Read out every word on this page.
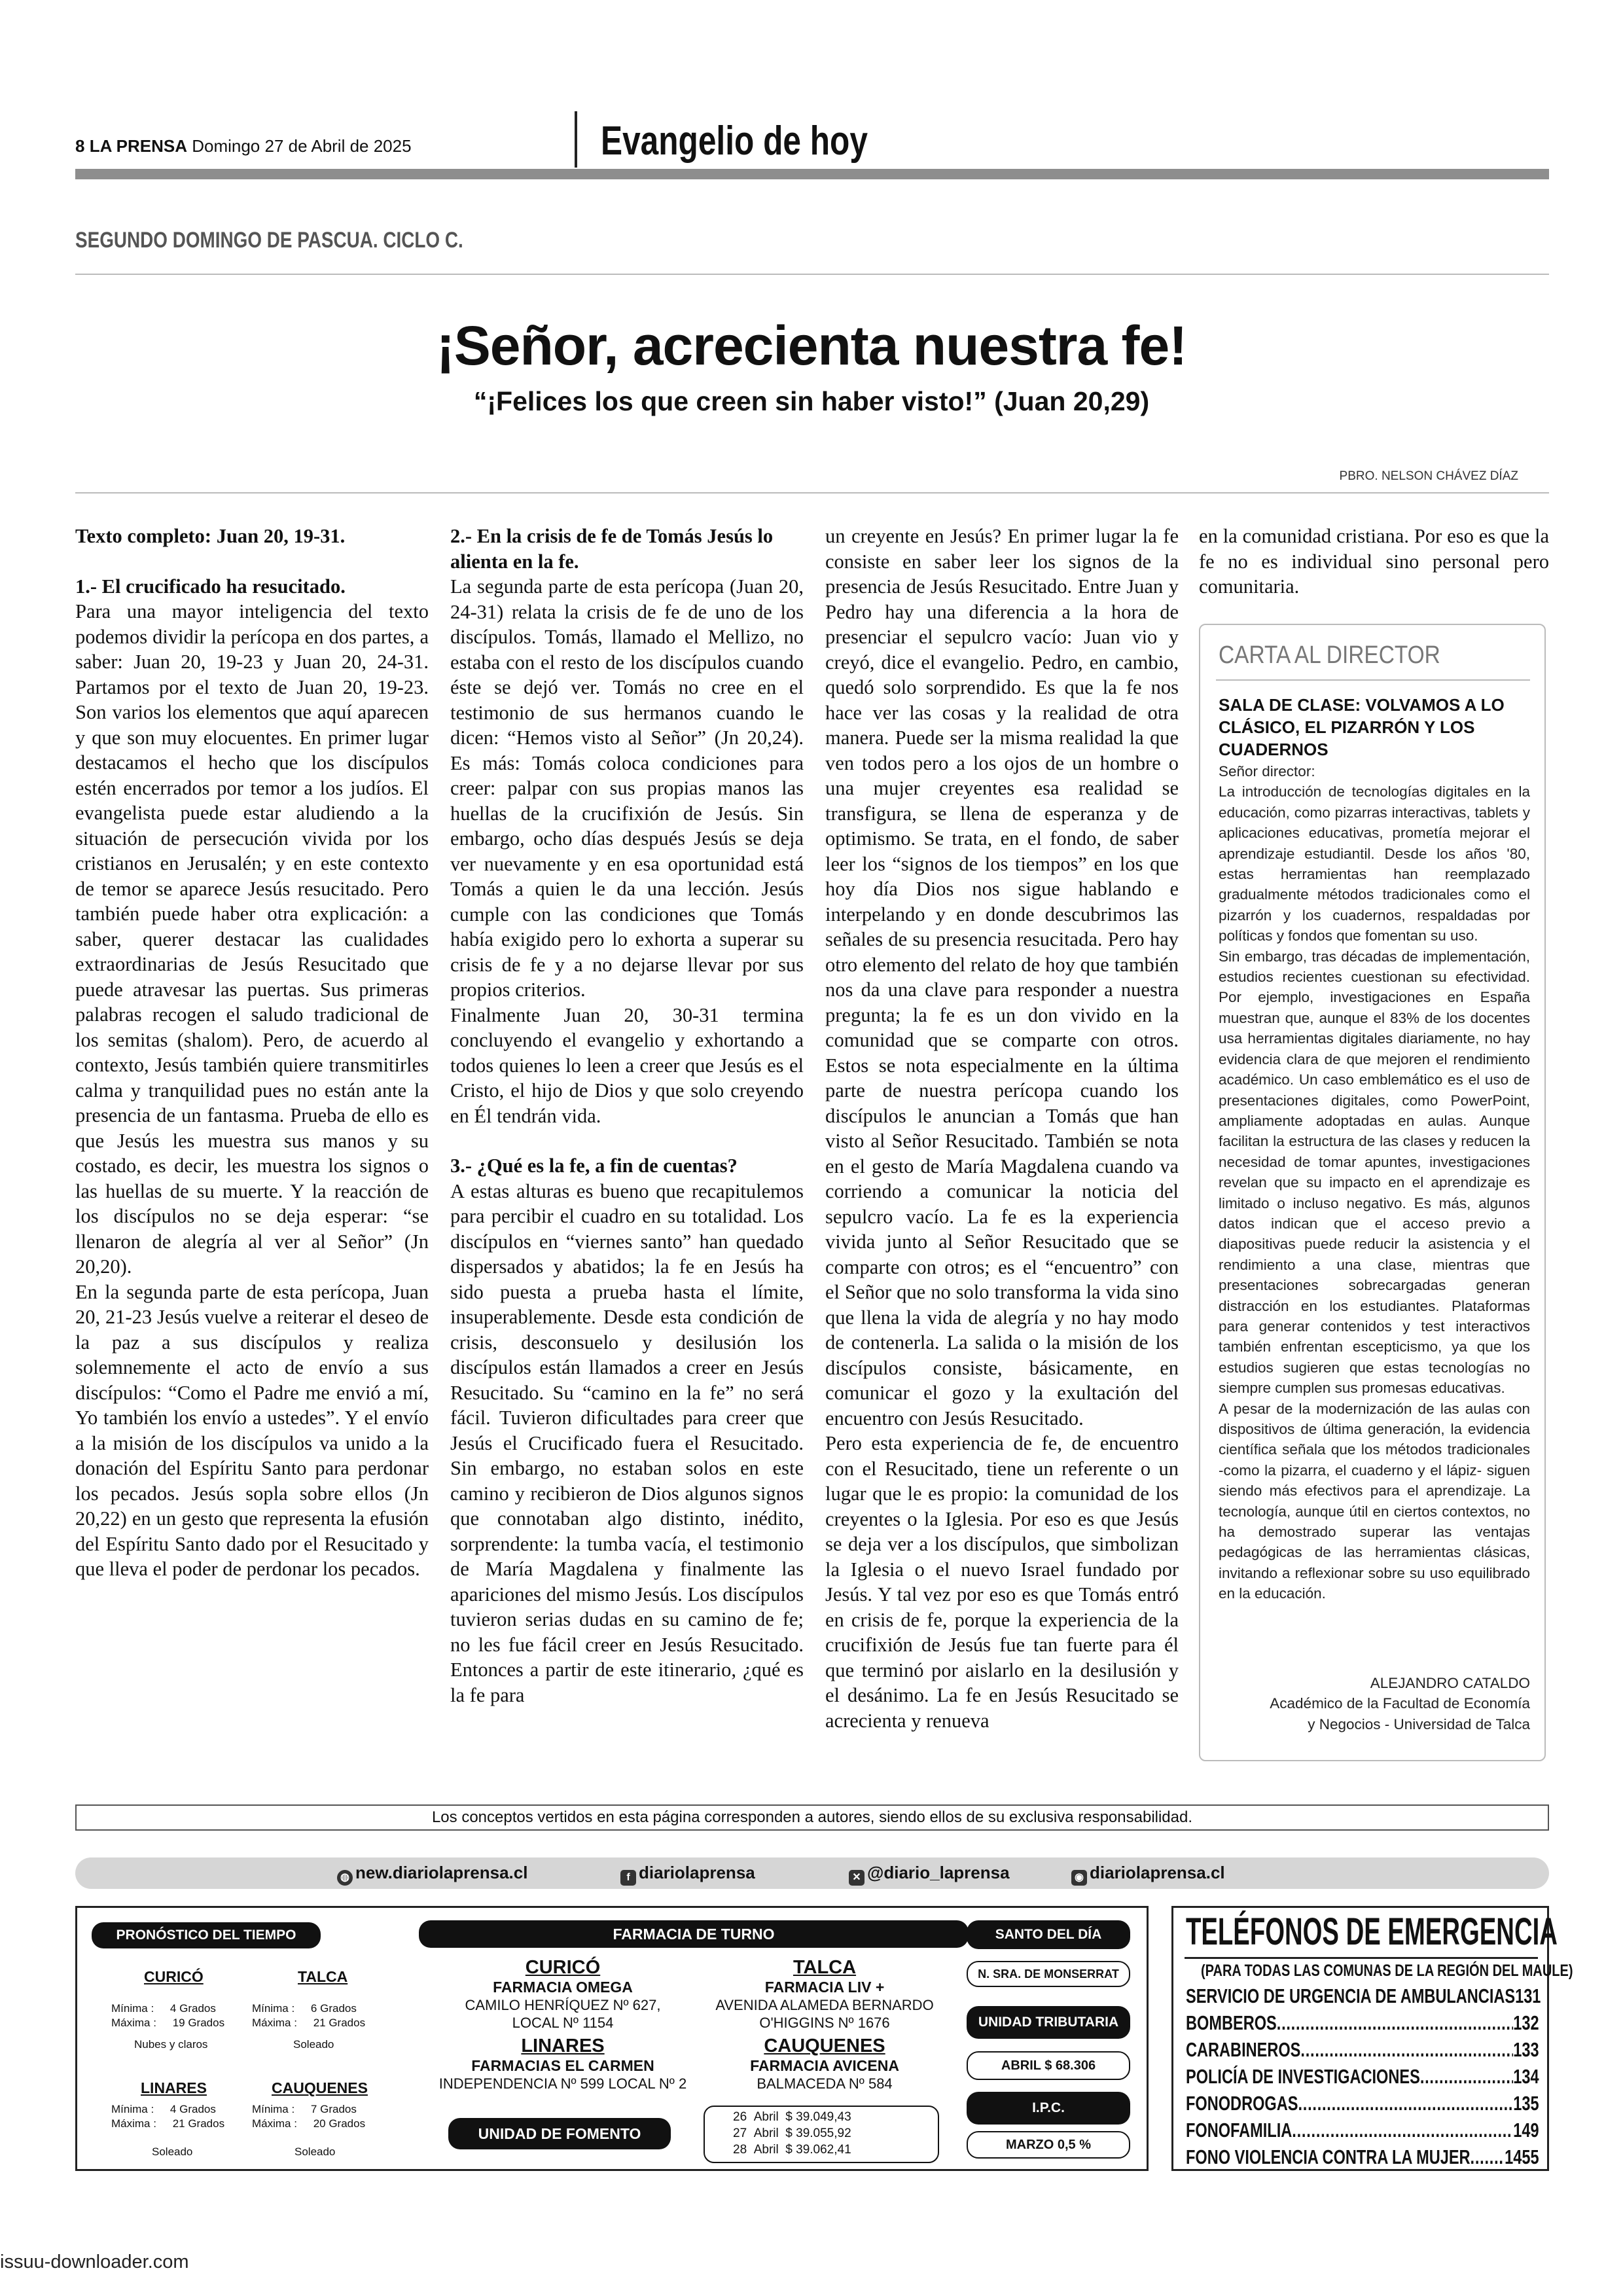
8 LA PRENSA Domingo 27 de Abril de 2025	Evangelio de hoy
SEGUNDO DOMINGO DE PASCUA. CICLO C.
¡Señor, acrecienta nuestra fe!
“¡Felices los que creen sin haber visto!” (Juan 20,29)
PBRO. NELSON CHÁVEZ DÍAZ

Texto completo: Juan 20, 19-31.

1.- El crucificado ha resucitado.

Para una mayor inteligencia del texto podemos dividir la perícopa en dos partes, a saber: Juan 20, 19-23 y Juan 20, 24-31. Partamos por el texto de Juan 20, 19-23. Son varios los elementos que aquí aparecen y que son muy elocuentes. En primer lugar destacamos el hecho que los discípulos estén encerrados por temor a los judíos. El evangelista puede estar aludiendo a la situación de persecución vivida por los cristianos en Jerusalén; y en este contexto de temor se aparece Jesús resucitado. Pero también puede haber otra explicación: a saber, querer destacar las cualidades extraordinarias de Jesús Resucitado que puede atravesar las puertas. Sus primeras palabras recogen el saludo tradicional de los semitas (shalom). Pero, de acuerdo al contexto, Jesús también quiere transmitirles calma y tranquilidad pues no están ante la presencia de un fantasma. Prueba de ello es que Jesús les muestra sus manos y su costado, es decir, les muestra los signos o las huellas de su muerte. Y la reacción de los discípulos no se deja esperar: “se llenaron de alegría al ver al Señor” (Jn 20,20).

En la segunda parte de esta perícopa, Juan 20, 21-23 Jesús vuelve a reiterar el deseo de la paz a sus discípulos y realiza solemnemente el acto de envío a sus discípulos: “Como el Padre me envió a mí, Yo también los envío a ustedes”. Y el envío a la misión de los discípulos va unido a la donación del Espíritu Santo para perdonar los pecados. Jesús sopla sobre ellos (Jn 20,22) en un gesto que representa la efusión del Espíritu Santo dado por el Resucitado y que lleva el poder de perdonar los pecados.

2.- En la crisis de fe de Tomás Jesús lo alienta en la fe.

La segunda parte de esta perícopa (Juan 20, 24-31) relata la crisis de fe de uno de los discípulos. Tomás, llamado el Mellizo, no estaba con el resto de los discípulos cuando éste se dejó ver. Tomás no cree en el testimonio de sus hermanos cuando le dicen: “Hemos visto al Señor” (Jn 20,24). Es más: Tomás coloca condiciones para creer: palpar con sus propias manos las huellas de la crucifixión de Jesús. Sin embargo, ocho días después Jesús se deja ver nuevamente y en esa oportunidad está Tomás a quien le da una lección. Jesús cumple con las condiciones que Tomás había exigido pero lo exhorta a superar su crisis de fe y a no dejarse llevar por sus propios criterios.

Finalmente Juan 20, 30-31 termina concluyendo el evangelio y exhortando a todos quienes lo leen a creer que Jesús es el Cristo, el hijo de Dios y que solo creyendo en Él tendrán vida.

3.- ¿Qué es la fe, a fin de cuentas?

A estas alturas es bueno que recapitulemos para percibir el cuadro en su totalidad. Los discípulos en “viernes santo” han quedado dispersados y abatidos; la fe en Jesús ha sido puesta a prueba hasta el límite, insuperablemente. Desde esta condición de crisis, desconsuelo y desilusión los discípulos están llamados a creer en Jesús Resucitado. Su “camino en la fe” no será fácil. Tuvieron dificultades para creer que Jesús el Crucificado fuera el Resucitado. Sin embargo, no estaban solos en este camino y recibieron de Dios algunos signos que connotaban algo distinto, inédito, sorprendente: la tumba vacía, el testimonio de María Magdalena y finalmente las apariciones del mismo Jesús. Los discípulos tuvieron serias dudas en su camino de fe; no les fue fácil creer en Jesús Resucitado. Entonces a partir de este itinerario, ¿qué es la fe para

un creyente en Jesús? En primer lugar la fe consiste en saber leer los signos de la presencia de Jesús Resucitado. Entre Juan y Pedro hay una diferencia a la hora de presenciar el sepulcro vacío: Juan vio y creyó, dice el evangelio. Pedro, en cambio, quedó solo sorprendido. Es que la fe nos hace ver las cosas y la realidad de otra manera. Puede ser la misma realidad la que ven todos pero a los ojos de un hombre o una mujer creyentes esa realidad se transfigura, se llena de esperanza y de optimismo. Se trata, en el fondo, de saber leer los “signos de los tiempos” en los que hoy día Dios nos sigue hablando e interpelando y en donde descubrimos las señales de su presencia resucitada. Pero hay otro elemento del relato de hoy que también nos da una clave para responder a nuestra pregunta; la fe es un don vivido en la comunidad que se comparte con otros. Estos se nota especialmente en la última parte de nuestra perícopa cuando los discípulos le anuncian a Tomás que han visto al Señor Resucitado. También se nota en el gesto de María Magdalena cuando va corriendo a comunicar la noticia del sepulcro vacío. La fe es la experiencia vivida junto al Señor Resucitado que se comparte con otros; es el “encuentro” con el Señor que no solo transforma la vida sino que llena la vida de alegría y no hay modo de contenerla. La salida o la misión de los discípulos consiste, básicamente, en comunicar el gozo y la exultación del encuentro con Jesús Resucitado.

Pero esta experiencia de fe, de encuentro con el Resucitado, tiene un referente o un lugar que le es propio: la comunidad de los creyentes o la Iglesia. Por eso es que Jesús se deja ver a los discípulos, que simbolizan la Iglesia o el nuevo Israel fundado por Jesús. Y tal vez por eso es que Tomás entró en crisis de fe, porque la experiencia de la crucifixión de Jesús fue tan fuerte para él que terminó por aislarlo en la desilusión y el desánimo. La fe en Jesús Resucitado se acrecienta y renueva

en la comunidad cristiana. Por eso es que la fe no es individual sino personal pero comunitaria.

CARTA AL DIRECTOR
SALA DE CLASE: VOLVAMOS A LO CLÁSICO, EL PIZARRÓN Y LOS CUADERNOS

Señor director:

La introducción de tecnologías digitales en la educación, como pizarras interactivas, tablets y aplicaciones educativas, prometía mejorar el aprendizaje estudiantil. Desde los años '80, estas herramientas han reemplazado gradualmente métodos tradicionales como el pizarrón y los cuadernos, respaldadas por políticas y fondos que fomentan su uso.

Sin embargo, tras décadas de implementación, estudios recientes cuestionan su efectividad. Por ejemplo, investigaciones en España muestran que, aunque el 83% de los docentes usa herramientas digitales diariamente, no hay evidencia clara de que mejoren el rendimiento académico. Un caso emblemático es el uso de presentaciones digitales, como PowerPoint, ampliamente adoptadas en aulas. Aunque facilitan la estructura de las clases y reducen la necesidad de tomar apuntes, investigaciones revelan que su impacto en el aprendizaje es limitado o incluso negativo. Es más, algunos datos indican que el acceso previo a diapositivas puede reducir la asistencia y el rendimiento a una clase, mientras que presentaciones sobrecargadas generan distracción en los estudiantes. Plataformas para generar contenidos y test interactivos también enfrentan escepticismo, ya que los estudios sugieren que estas tecnologías no siempre cumplen sus promesas educativas.

A pesar de la modernización de las aulas con dispositivos de última generación, la evidencia científica señala que los métodos tradicionales -como la pizarra, el cuaderno y el lápiz- siguen siendo más efectivos para el aprendizaje. La tecnología, aunque útil en ciertos contextos, no ha demostrado superar las ventajas pedagógicas de las herramientas clásicas, invitando a reflexionar sobre su uso equilibrado en la educación.

ALEJANDRO CATALDO
Académico de la Facultad de Economía
y Negocios - Universidad de Talca
Los conceptos vertidos en esta página corresponden a autores, siendo ellos de su exclusiva responsabilidad.
◍ new.diariolaprensa.cl	f diariolaprensa	✕ @diario_laprensa	◉ diariolaprensa.cl
PRONÓSTICO DEL TIEMPO
CURICÓ
Mínima : 4 Grados
Máxima : 19 Grados
Nubes y claros
TALCA
Mínima : 6 Grados
Máxima : 21 Grados
Soleado
LINARES
Mínima : 4 Grados
Máxima : 21 Grados
Soleado
CAUQUENES
Mínima : 7 Grados
Máxima : 20 Grados
Soleado
FARMACIA DE TURNO
CURICÓ
FARMACIA OMEGA
CAMILO HENRÍQUEZ Nº 627,
LOCAL Nº 1154
TALCA
FARMACIA LIV +
AVENIDA ALAMEDA BERNARDO
O'HIGGINS Nº 1676
LINARES
FARMACIAS EL CARMEN
INDEPENDENCIA Nº 599 LOCAL Nº 2
CAUQUENES
FARMACIA AVICENA
BALMACEDA Nº 584
UNIDAD DE FOMENTO
26 Abril $ 39.049,43
27 Abril $ 39.055,92
28 Abril $ 39.062,41
SANTO DEL DÍA
N. SRA. DE MONSERRAT
UNIDAD TRIBUTARIA
ABRIL $ 68.306
I.P.C.
MARZO 0,5 %
TELÉFONOS DE EMERGENCIA
(PARA TODAS LAS COMUNAS DE LA REGIÓN DEL MAULE)
SERVICIO DE URGENCIA DE AMBULANCIAS 131
BOMBEROS .....	132
CARABINEROS .....	133
POLICÍA DE INVESTIGACIONES .....	134
FONODROGAS .....	135
FONOFAMILIA .....	149
FONO VIOLENCIA CONTRA LA MUJER ..... 1455
issuu-downloader.com
